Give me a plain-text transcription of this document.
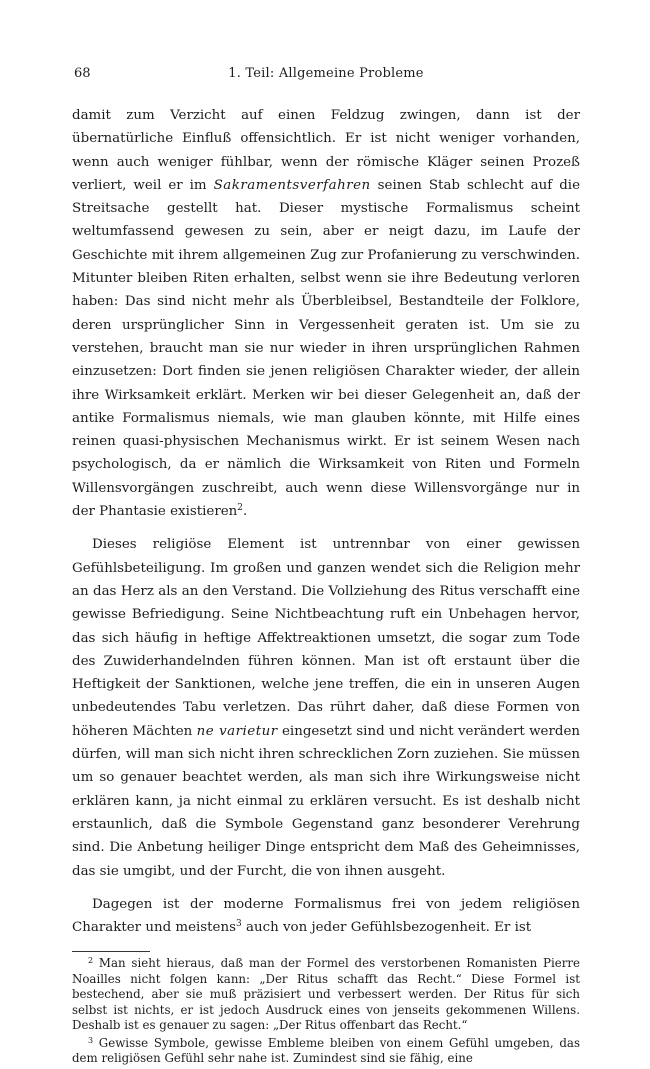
68	1. Teil: Allgemeine Probleme

damit zum Verzicht auf einen Feldzug zwingen, dann ist der übernatürliche Einfluß offensichtlich. Er ist nicht weniger vorhanden, wenn auch weniger fühlbar, wenn der römische Kläger seinen Prozeß verliert, weil er im Sakramentsverfahren seinen Stab schlecht auf die Streitsache gestellt hat. Dieser mystische Formalismus scheint weltumfassend gewesen zu sein, aber er neigt dazu, im Laufe der Geschichte mit ihrem allgemeinen Zug zur Profanierung zu verschwinden. Mitunter bleiben Riten erhalten, selbst wenn sie ihre Bedeutung verloren haben: Das sind nicht mehr als Überbleibsel, Bestandteile der Folklore, deren ursprünglicher Sinn in Vergessenheit geraten ist. Um sie zu verstehen, braucht man sie nur wieder in ihren ursprünglichen Rahmen einzusetzen: Dort finden sie jenen religiösen Charakter wieder, der allein ihre Wirksamkeit erklärt. Merken wir bei dieser Gelegenheit an, daß der antike Formalismus niemals, wie man glauben könnte, mit Hilfe eines reinen quasi-physischen Mechanismus wirkt. Er ist seinem Wesen nach psychologisch, da er nämlich die Wirksamkeit von Riten und Formeln Willensvorgängen zuschreibt, auch wenn diese Willensvorgänge nur in der Phantasie existieren$^2$.

Dieses religiöse Element ist untrennbar von einer gewissen Gefühlsbeteiligung. Im großen und ganzen wendet sich die Religion mehr an das Herz als an den Verstand. Die Vollziehung des Ritus verschafft eine gewisse Befriedigung. Seine Nichtbeachtung ruft ein Unbehagen hervor, das sich häufig in heftige Affektreaktionen umsetzt, die sogar zum Tode des Zuwiderhandelnden führen können. Man ist oft erstaunt über die Heftigkeit der Sanktionen, welche jene treffen, die ein in unseren Augen unbedeutendes Tabu verletzen. Das rührt daher, daß diese Formen von höheren Mächten ne varietur eingesetzt sind und nicht verändert werden dürfen, will man sich nicht ihren schrecklichen Zorn zuziehen. Sie müssen um so genauer beachtet werden, als man sich ihre Wirkungsweise nicht erklären kann, ja nicht einmal zu erklären versucht. Es ist deshalb nicht erstaunlich, daß die Symbole Gegenstand ganz besonderer Verehrung sind. Die Anbetung heiliger Dinge entspricht dem Maß des Geheimnisses, das sie umgibt, und der Furcht, die von ihnen ausgeht.

Dagegen ist der moderne Formalismus frei von jedem religiösen Charakter und meistens$^3$ auch von jeder Gefühlsbezogenheit. Er ist

$^2$ Man sieht hieraus, daß man der Formel des verstorbenen Romanisten Pierre Noailles nicht folgen kann: „Der Ritus schafft das Recht.“ Diese Formel ist bestechend, aber sie muß präzisiert und verbessert werden. Der Ritus für sich selbst ist nichts, er ist jedoch Ausdruck eines von jenseits gekommenen Willens. Deshalb ist es genauer zu sagen: „Der Ritus offenbart das Recht.“

$^3$ Gewisse Symbole, gewisse Embleme bleiben von einem Gefühl umgeben, das dem religiösen Gefühl sehr nahe ist. Zumindest sind sie fähig, eine
